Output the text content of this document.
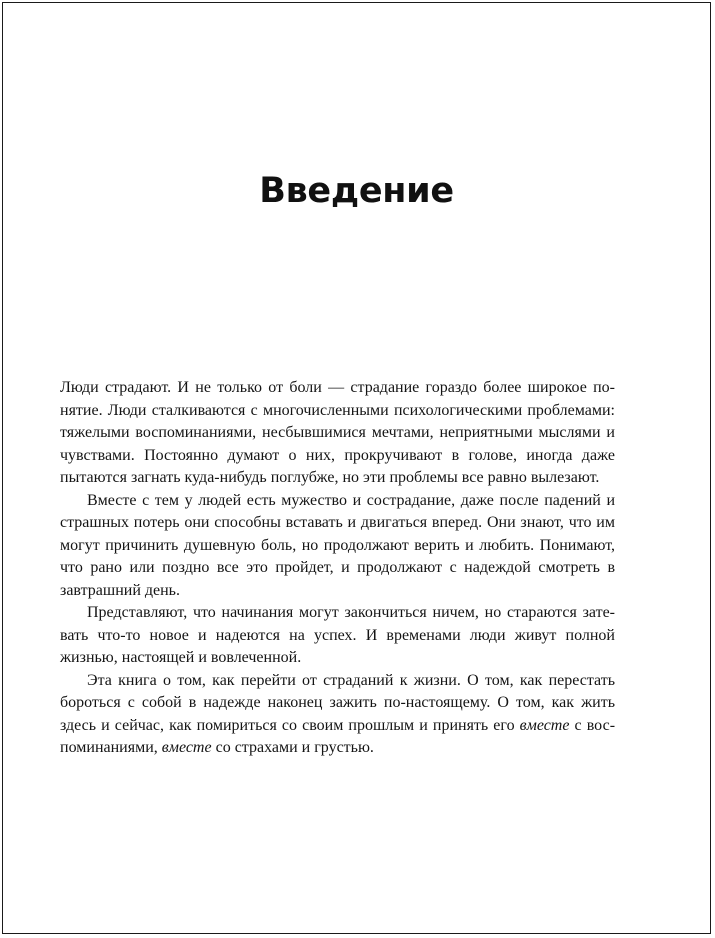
Введение

Люди страдают. И не только от боли — страдание гораздо более широкое понятие. Люди сталкиваются с многочисленными психологическими проблемами: тяжелыми воспоминаниями, несбывшимися мечтами, неприятными мыслями и чувствами. Постоянно думают о них, прокручивают в голове, иногда даже пытаются загнать куда-нибудь поглубже, но эти проблемы все равно вылезают.

Вместе с тем у людей есть мужество и сострадание, даже после падений и страшных потерь они способны вставать и двигаться вперед. Они знают, что им могут причинить душевную боль, но продолжают верить и любить. Понимают, что рано или поздно все это пройдет, и продолжают с надеждой смотреть в завтрашний день.

Представляют, что начинания могут закончиться ничем, но стараются затевать что-то новое и надеются на успех. И временами люди живут полной жизнью, настоящей и вовлеченной.

Эта книга о том, как перейти от страданий к жизни. О том, как перестать бороться с собой в надежде наконец зажить по-настоящему. О том, как жить здесь и сейчас, как помириться со своим прошлым и принять его вместе с воспоминаниями, вместе со страхами и грустью.
